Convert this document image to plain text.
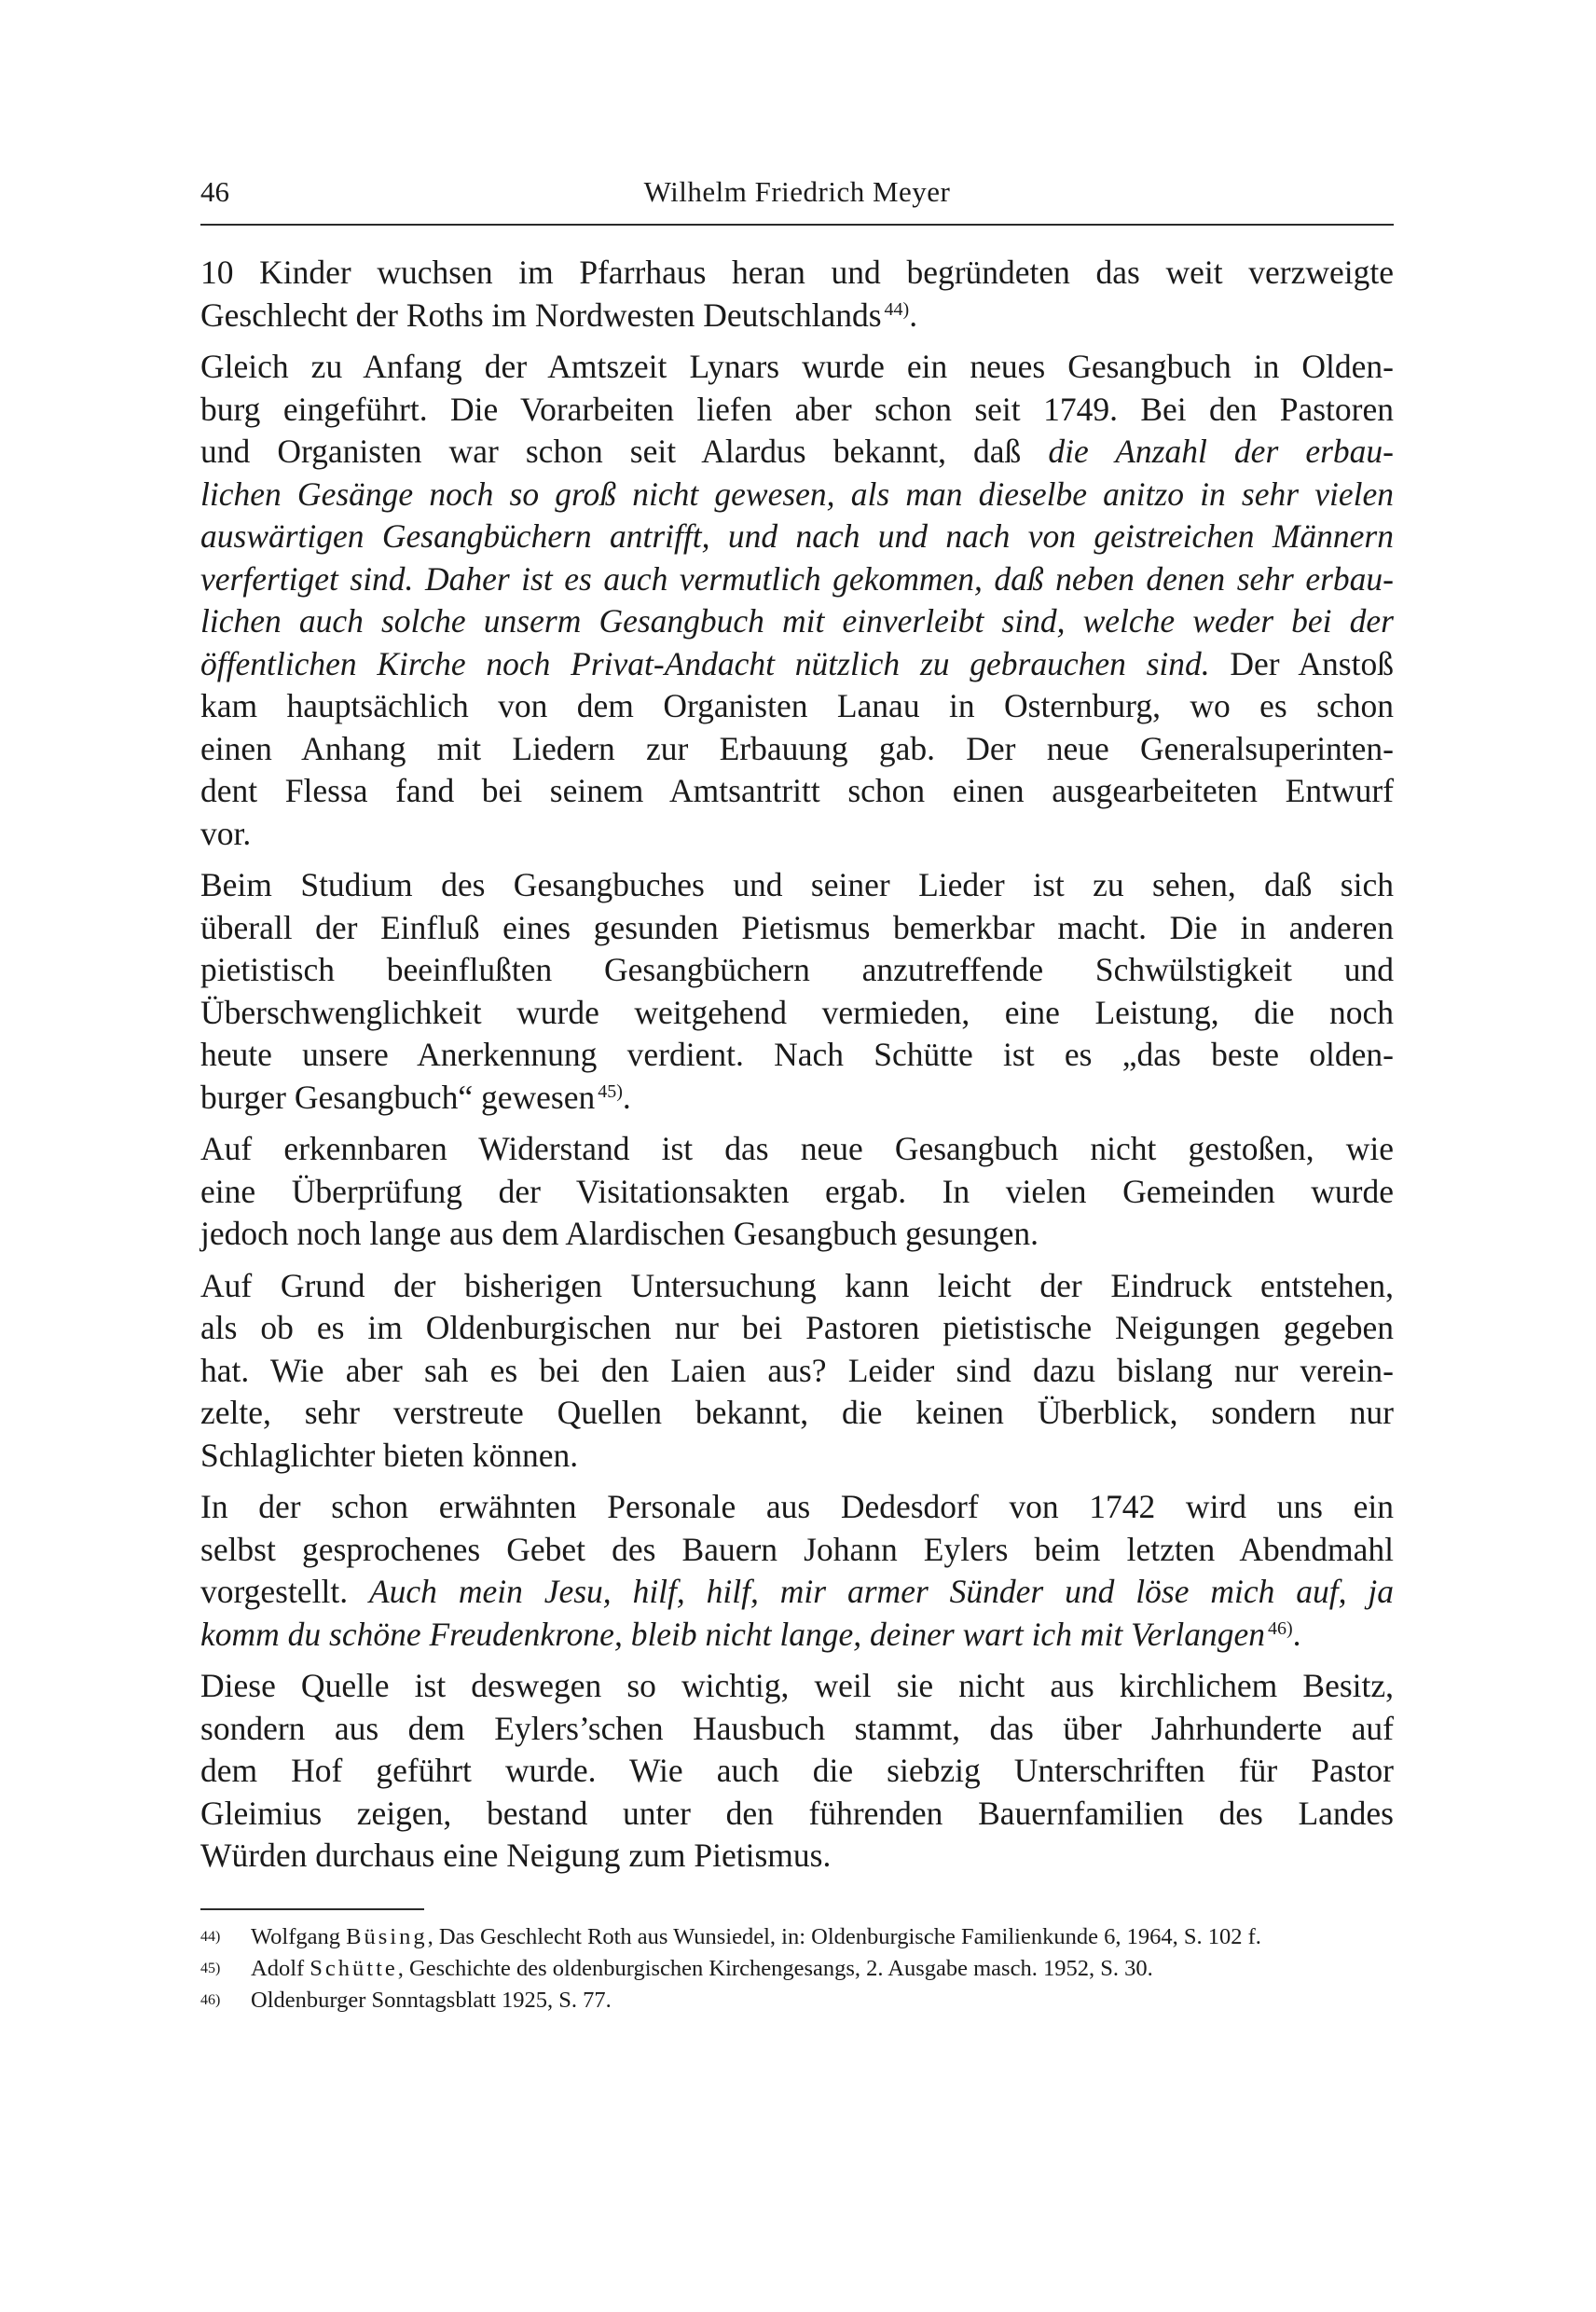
46	Wilhelm Friedrich Meyer
10 Kinder wuchsen im Pfarrhaus heran und begründeten das weit verzweigte
Geschlecht der Roths im Nordwesten Deutschlands $^{44)}$.
Gleich zu Anfang der Amtszeit Lynars wurde ein neues Gesangbuch in Olden-
burg eingeführt. Die Vorarbeiten liefen aber schon seit 1749. Bei den Pastoren
und Organisten war schon seit Alardus bekannt, daß die Anzahl der erbau-
lichen Gesänge noch so groß nicht gewesen, als man dieselbe anitzo in sehr vielen
auswärtigen Gesangbüchern antrifft, und nach und nach von geistreichen Männern
verfertiget sind. Daher ist es auch vermutlich gekommen, daß neben denen sehr erbau-
lichen auch solche unserm Gesangbuch mit einverleibt sind, welche weder bei der
öffentlichen Kirche noch Privat-Andacht nützlich zu gebrauchen sind. Der Anstoß
kam hauptsächlich von dem Organisten Lanau in Osternburg, wo es schon
einen Anhang mit Liedern zur Erbauung gab. Der neue Generalsuperinten-
dent Flessa fand bei seinem Amtsantritt schon einen ausgearbeiteten Entwurf
vor.
Beim Studium des Gesangbuches und seiner Lieder ist zu sehen, daß sich
überall der Einfluß eines gesunden Pietismus bemerkbar macht. Die in anderen
pietistisch beeinflußten Gesangbüchern anzutreffende Schwülstigkeit und
Überschwenglichkeit wurde weitgehend vermieden, eine Leistung, die noch
heute unsere Anerkennung verdient. Nach Schütte ist es „das beste olden-
burger Gesangbuch“ gewesen $^{45)}$.
Auf erkennbaren Widerstand ist das neue Gesangbuch nicht gestoßen, wie
eine Überprüfung der Visitationsakten ergab. In vielen Gemeinden wurde
jedoch noch lange aus dem Alardischen Gesangbuch gesungen.
Auf Grund der bisherigen Untersuchung kann leicht der Eindruck entstehen,
als ob es im Oldenburgischen nur bei Pastoren pietistische Neigungen gegeben
hat. Wie aber sah es bei den Laien aus? Leider sind dazu bislang nur verein-
zelte, sehr verstreute Quellen bekannt, die keinen Überblick, sondern nur
Schlaglichter bieten können.
In der schon erwähnten Personale aus Dedesdorf von 1742 wird uns ein
selbst gesprochenes Gebet des Bauern Johann Eylers beim letzten Abendmahl
vorgestellt. Auch mein Jesu, hilf, hilf, mir armer Sünder und löse mich auf, ja
komm du schöne Freudenkrone, bleib nicht lange, deiner wart ich mit Verlangen $^{46)}$.
Diese Quelle ist deswegen so wichtig, weil sie nicht aus kirchlichem Besitz,
sondern aus dem Eylers’schen Hausbuch stammt, das über Jahrhunderte auf
dem Hof geführt wurde. Wie auch die siebzig Unterschriften für Pastor
Gleimius zeigen, bestand unter den führenden Bauernfamilien des Landes
Würden durchaus eine Neigung zum Pietismus.
44)	Wolfgang Büsing, Das Geschlecht Roth aus Wunsiedel, in: Oldenburgische Familienkunde 6, 1964, S. 102 f.
45)	Adolf Schütte, Geschichte des oldenburgischen Kirchengesangs, 2. Ausgabe masch. 1952, S. 30.
46)	Oldenburger Sonntagsblatt 1925, S. 77.
